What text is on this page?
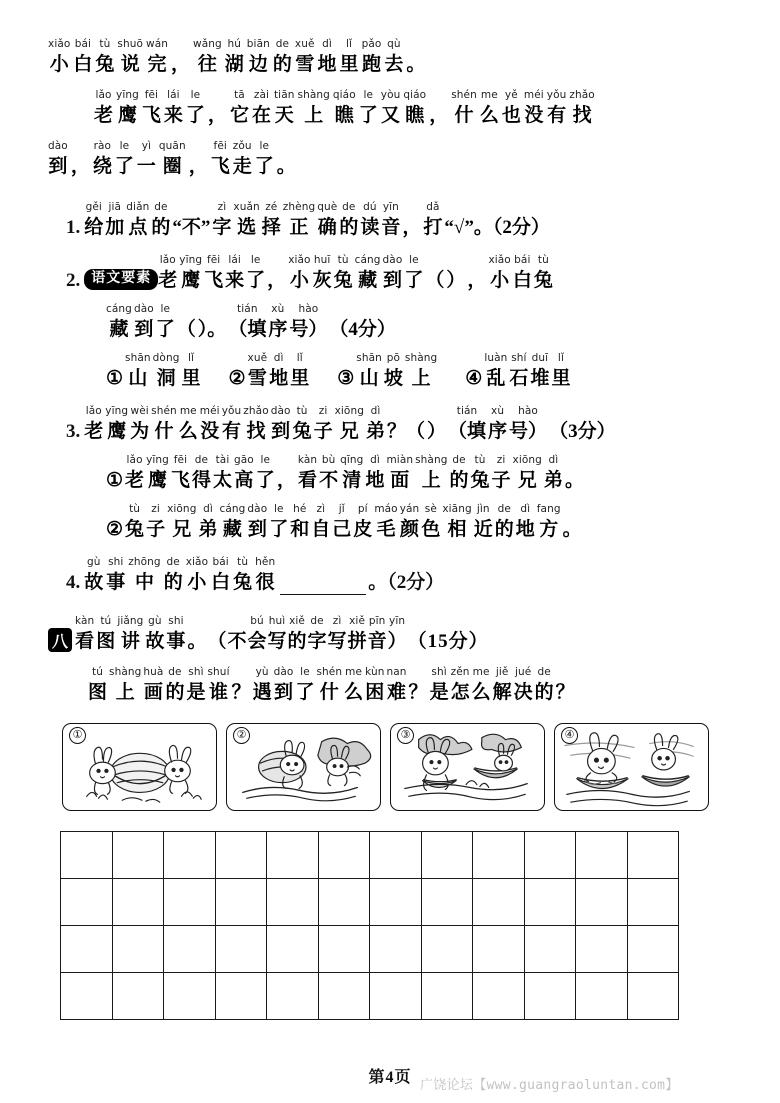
xiǎo
小
bái
白
tù
兔
shuō
说
wán
完 ，
wǎng
往
hú
湖
biān
边
de
的
xuě
雪
dì
地
lǐ
里
pǎo
跑
qù
去 。
lǎo
老
yīng
鹰
fēi
飞
lái
来
le
了 ，
tā
它
zài
在
tiān
天
shàng
上
qiáo
瞧
le
了
yòu
又
qiáo
瞧 ，
shén
什
me
么
yě
也
méi
没
yǒu
有
zhǎo
找
dào
到 ，
rào
绕
le
了
yì
一
quān
圈 ，
fēi
飞
zǒu
走
le
了 。
1.
gěi
给
jiā
加
diǎn
点
de
的 “不”
zì
字
xuǎn
选
zé
择
zhèng
正
què
确
de
的
dú
读
yīn
音 ，
dǎ
打 “√”。（2分）
2. 语文要素
lǎo
老
yīng
鹰
fēi
飞
lái
来
le
了 ，
xiǎo
小
huī
灰
tù
兔
cáng
藏
dào
到
le
了 （ ） ，
xiǎo
小
bái
白
tù
兔
cáng
藏
dào
到
le
了 （ ）。
tián
（填
xù
序
hào
号） （4分）
①
shān
山
dòng
洞
lǐ
里 ②
xuě
雪
dì
地
lǐ
里 ③
shān
山
pō
坡
shàng
上 ④
luàn
乱
shí
石
duī
堆
lǐ
里
3.
lǎo
老
yīng
鹰
wèi
为
shén
什
me
么
méi
没
yǒu
有
zhǎo
找
dào
到
tù
兔
zi
子
xiōng
兄
dì
弟 ？（ ）
tián
（填
xù
序
hào
号） （3分）
①
lǎo
老
yīng
鹰
fēi
飞
de
得
tài
太
gāo
高
le
了 ，
kàn
看
bù
不
qīng
清
dì
地
miàn
面
shàng
上
de
的
tù
兔
zi
子
xiōng
兄
dì
弟 。
②
tù
兔
zi
子
xiōng
兄
dì
弟
cáng
藏
dào
到
le
了
hé
和
zì
自
jǐ
己
pí
皮
máo
毛
yán
颜
sè
色
xiāng
相
jìn
近
de
的
dì
地
fang
方 。
4.
gù
故
shi
事
zhōng
中
de
的
xiǎo
小
bái
白
tù
兔
hěn
很	。（2分）
八
kàn
看
tú
图
jiǎng
讲
gù
故
shi
事 。 （ 不
bú
会
huì
写
xiě
的
de
字
zì
写
xiě
拼
pīn
音
yīn
） （ 1 5 分 ）
tú
图
shàng
上
huà
画
de
的
shì
是
shuí
谁 ？
yù
遇
dào
到
le
了
shén
什
me
么
kùn
困
nan
难 ？
shì
是
zěn
怎
me
么
jiě
解
jué
决
de
的 ？
①	②	③	④

第4页 广饶论坛【www.guangraoluntan.com】
